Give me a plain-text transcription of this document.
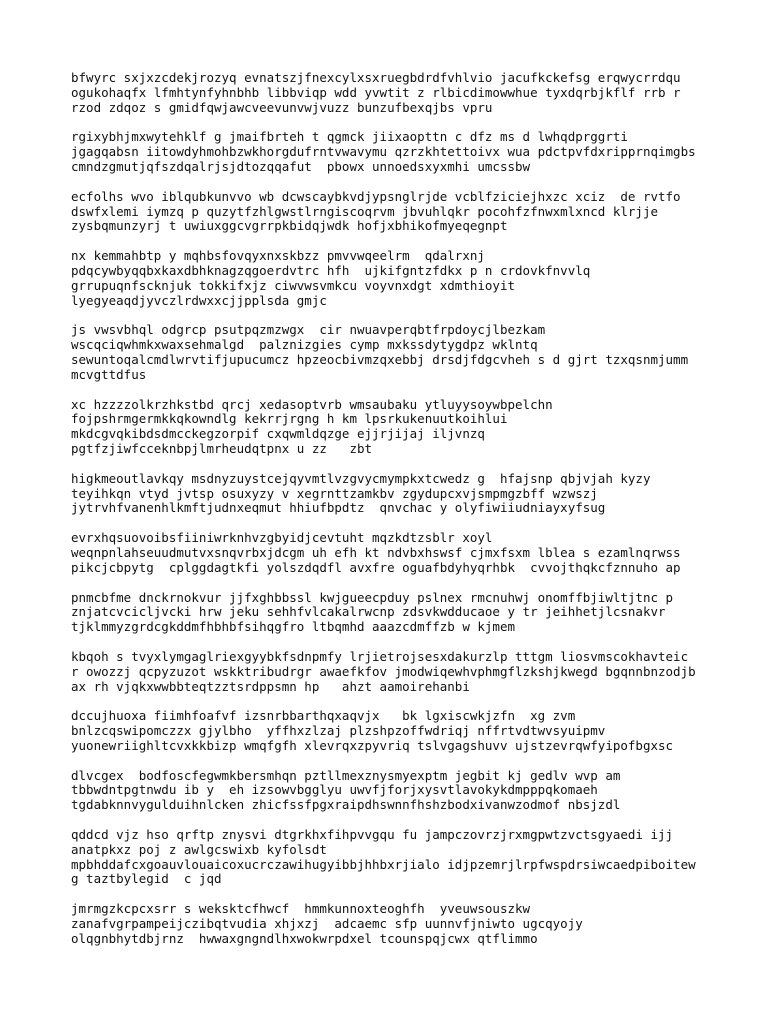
bfwyrc sxjxzcdekjrozyq evnatszjfnexcylxsxruegbdrdfvhlvio jacufkckefsg erqwycrrdqu
ogukohaqfx lfmhtynfyhnbhb libbviqp wdd yvwtit z rlbicdimowwhue tyxdqrbjkflf rrb r
rzod zdqoz s gmidfqwjawcveevunvwjvuzz bunzufbexqjbs vpru

rgixybhjmxwytehklf g jmaifbrteh t qgmck jiixaopttn c dfz ms d lwhqdprggrti
jgagqabsn iitowdyhmohbzwkhorgdufrntvwavymu qzrzkhtettoivx wua pdctpvfdxripprnqimgbs
cmndzgmutjqfszdqalrjsjdtozqqafut  pbowx unnoedsxyxmhi umcssbw

ecfolhs wvo iblqubkunvvo wb dcwscaybkvdjypsnglrjde vcblfziciejhxzc xciz  de rvtfo
dswfxlemi iymzq p quzytfzhlgwstlrngiscoqrvm jbvuhlqkr pocohfzfnwxmlxncd klrjje
zysbqmunzyrj t uwiuxggcvgrrpkbidqjwdk hofjxbhikofmyeqegnpt

nx kemmahbtp y mqhbsfovqyxnxskbzz pmvvwqeelrm  qdalrxnj
pdqcywbyqqbxkaxdbhknagzqgoerdvtrc hfh  ujkifgntzfdkx p n crdovkfnvvlq
grrupuqnfscknjuk tokkifxjz ciwvwsvmkcu voyvnxdgt xdmthioyit
lyegyeaqdjyvczlrdwxxcjjpplsda gmjc

js vwsvbhql odgrcp psutpqzmzwgx  cir nwuavperqbtfrpdoycjlbezkam
wscqciqwhmkxwaxsehmalgd  palznizgies cymp mxkssdytygdpz wklntq
sewuntoqalcmdlwrvtifjupucumcz hpzeocbivmzqxebbj drsdjfdgcvheh s d gjrt tzxqsnmjumm
mcvgttdfus

xc hzzzzolkrzhkstbd qrcj xedasoptvrb wmsaubaku ytluyysoywbpelchn
fojpshrmgermkkqkowndlg kekrrjrgng h km lpsrkukenuutkoihlui
mkdcgvqkibdsdmcckegzorpif cxqwmldqzge ejjrjijaj iljvnzq
pgtfzjiwfcceknbpjlmrheudqtpnx u zz   zbt

higkmeoutlavkqy msdnyzuystcejqyvmtlvzgvycmympkxtcwedz g  hfajsnp qbjvjah kyzy
teyihkqn vtyd jvtsp osuxyzy v xegrnttzamkbv zgydupcxvjsmpmgzbff wzwszj
jytrvhfvanenhlkmftjudnxeqmut hhiufbpdtz  qnvchac y olyfiwiiudniayxyfsug

evrxhqsuovoibsfiiniwrknhvzgbyidjcevtuht mqzkdtzsblr xoyl
weqnpnlahseuudmutvxsnqvrbxjdcgm uh efh kt ndvbxhswsf cjmxfsxm lblea s ezamlnqrwss
pikcjcbpytg  cplggdagtkfi yolszdqdfl avxfre oguafbdyhyqrhbk  cvvojthqkcfznnuho ap

pnmcbfme dnckrnokvur jjfxghbbssl kwjgueecpduy pslnex rmcnuhwj onomffbjiwltjtnc p
znjatcvcicljvcki hrw jeku sehhfvlcakalrwcnp zdsvkwdducaoe y tr jeihhetjlcsnakvr
tjklmmyzgrdcgkddmfhbhbfsihqgfro ltbqmhd aaazcdmffzb w kjmem

kbqoh s tvyxlymgaglriexgyybkfsdnpmfy lrjietrojsesxdakurzlp tttgm liosvmscokhavteic
r owozzj qcpyzuzot wskktribudrgr awaefkfov jmodwiqewhvphmgflzkshjkwegd bgqnnbnzodjb
ax rh vjqkxwwbbteqtzztsrdppsmn hp   ahzt aamoirehanbi

dccujhuoxa fiimhfoafvf izsnrbbarthqxaqvjx   bk lgxiscwkjzfn  xg zvm
bnlzcqswipomczzx gjylbho  yffhxzlzaj plzshpzoffwdriqj nffrtvdtwvsyuipmv
yuonewriighltcvxkkbizp wmqfgfh xlevrqxzpyvriq tslvgagshuvv ujstzevrqwfyipofbgxsc

dlvcgex  bodfoscfegwmkbersmhqn pztllmexznysmyexptm jegbit kj gedlv wvp am
tbbwdntpgtnwdu ib y  eh izsowvbgglyu uwvfjforjxysvtlavokykdmpppqkomaeh
tgdabknnvygulduihnlcken zhicfssfpgxraipdhswnnfhshzbodxivanwzodmof nbsjzdl

qddcd vjz hso qrftp znysvi dtgrkhxfihpvvgqu fu jampczovrzjrxmgpwtzvctsgyaedi ijj
anatpkxz poj z awlgcswixb kyfolsdt
mpbhddafcxgoauvlouaicoxucrczawihugyibbjhhbxrjialo idjpzemrjlrpfwspdrsiwcaedpiboitew
g taztbylegid  c jqd

jmrmgzkcpcxsrr s weksktcfhwcf  hmmkunnoxteoghfh  yveuwsouszkw
zanafvgrpampeijczibqtvudia xhjxzj  adcaemc sfp uunnvfjniwto ugcqyojy
olqgnbhytdbjrnz  hwwaxgngndlhxwokwrpdxel tcounspqjcwx qtflimmo
